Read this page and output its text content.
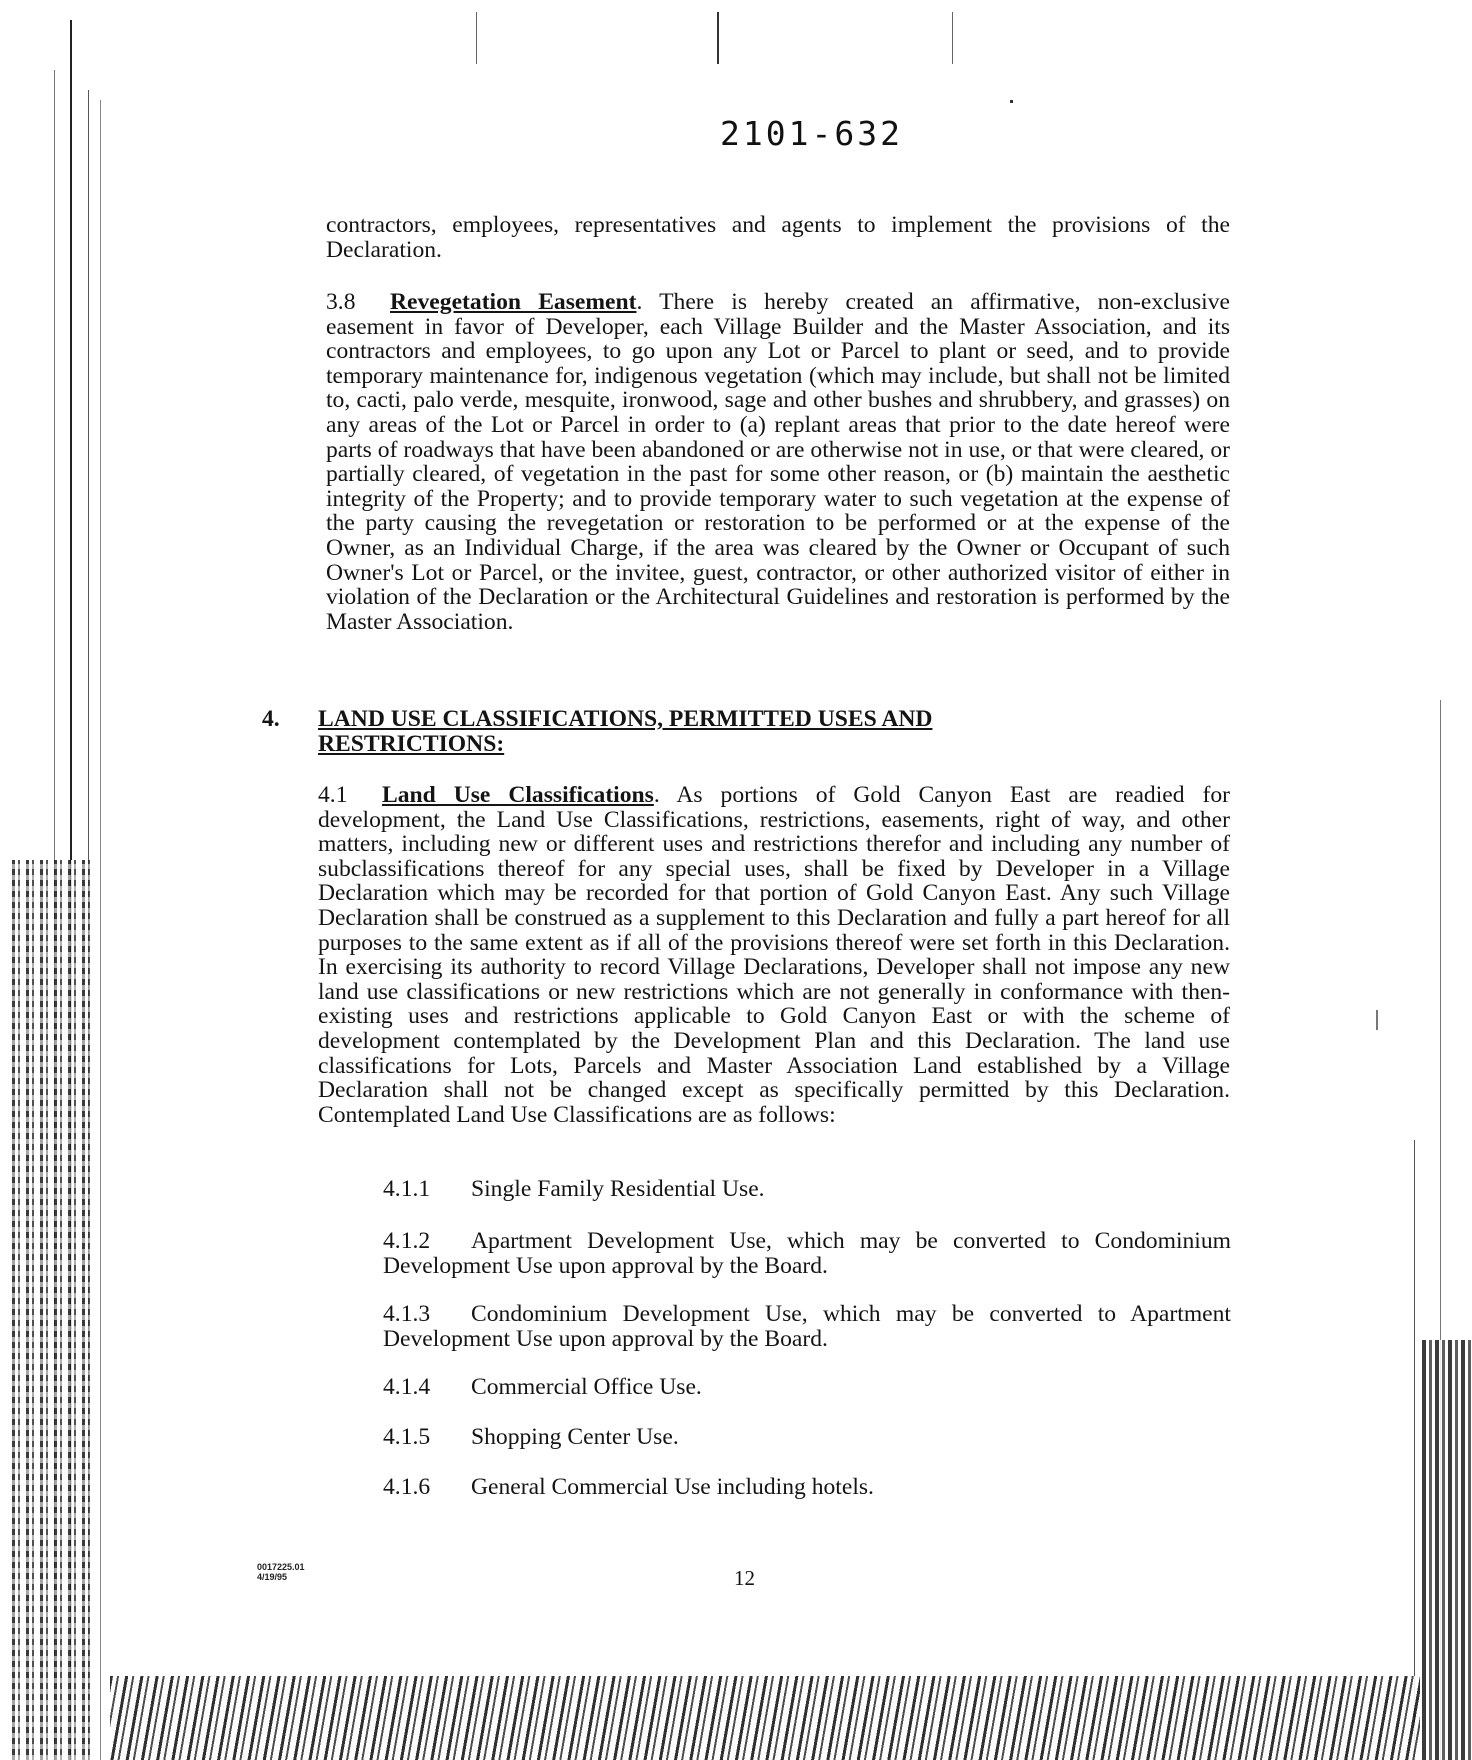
2101-632
contractors, employees, representatives and agents to implement the provisions of the Declaration.
3.8 Revegetation Easement. There is hereby created an affirmative, non-exclusive easement in favor of Developer, each Village Builder and the Master Association, and its contractors and employees, to go upon any Lot or Parcel to plant or seed, and to provide temporary maintenance for, indigenous vegetation (which may include, but shall not be limited to, cacti, palo verde, mesquite, ironwood, sage and other bushes and shrubbery, and grasses) on any areas of the Lot or Parcel in order to (a) replant areas that prior to the date hereof were parts of roadways that have been abandoned or are otherwise not in use, or that were cleared, or partially cleared, of vegetation in the past for some other reason, or (b) maintain the aesthetic integrity of the Property; and to provide temporary water to such vegetation at the expense of the party causing the revegetation or restoration to be performed or at the expense of the Owner, as an Individual Charge, if the area was cleared by the Owner or Occupant of such Owner's Lot or Parcel, or the invitee, guest, contractor, or other authorized visitor of either in violation of the Declaration or the Architectural Guidelines and restoration is performed by the Master Association.
4. LAND USE CLASSIFICATIONS, PERMITTED USES AND RESTRICTIONS:
4.1 Land Use Classifications. As portions of Gold Canyon East are readied for development, the Land Use Classifications, restrictions, easements, right of way, and other matters, including new or different uses and restrictions therefor and including any number of subclassifications thereof for any special uses, shall be fixed by Developer in a Village Declaration which may be recorded for that portion of Gold Canyon East. Any such Village Declaration shall be construed as a supplement to this Declaration and fully a part hereof for all purposes to the same extent as if all of the provisions thereof were set forth in this Declaration. In exercising its authority to record Village Declarations, Developer shall not impose any new land use classifications or new restrictions which are not generally in conformance with then-existing uses and restrictions applicable to Gold Canyon East or with the scheme of development contemplated by the Development Plan and this Declaration. The land use classifications for Lots, Parcels and Master Association Land established by a Village Declaration shall not be changed except as specifically permitted by this Declaration. Contemplated Land Use Classifications are as follows:
4.1.1 Single Family Residential Use.
4.1.2 Apartment Development Use, which may be converted to Condominium Development Use upon approval by the Board.
4.1.3 Condominium Development Use, which may be converted to Apartment Development Use upon approval by the Board.
4.1.4 Commercial Office Use.
4.1.5 Shopping Center Use.
4.1.6 General Commercial Use including hotels.
0017225.01
4/19/95	12
